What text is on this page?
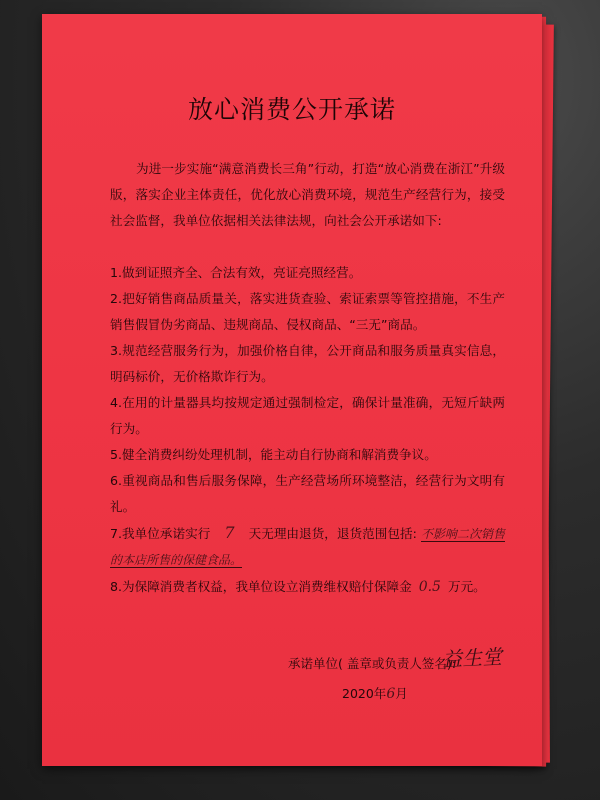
放心消费公开承诺
为进一步实施“满意消费长三角”行动，打造“放心消费在浙江”升级版，落实企业主体责任，优化放心消费环境，规范生产经营行为，接受社会监督，我单位依据相关法律法规，向社会公开承诺如下:
1.做到证照齐全、合法有效，亮证亮照经营。
2.把好销售商品质量关，落实进货查验、索证索票等管控措施，不生产销售假冒伪劣商品、违规商品、侵权商品、“三无”商品。
3.规范经营服务行为，加强价格自律，公开商品和服务质量真实信息，明码标价，无价格欺诈行为。
4.在用的计量器具均按规定通过强制检定，确保计量准确，无短斤缺两行为。
5.健全消费纠纷处理机制，能主动自行协商和解消费争议。
6.重视商品和售后服务保障，生产经营场所环境整洁，经营行为文明有礼。
7.我单位承诺实行 7 天无理由退货，退货范围包括: 不影响二次销售的本店所售的保健食品。
8.为保障消费者权益，我单位设立消费维权赔付保障金 0.5 万元。
承诺单位( 盖章或负责人签名):
益生堂
2020年6月
